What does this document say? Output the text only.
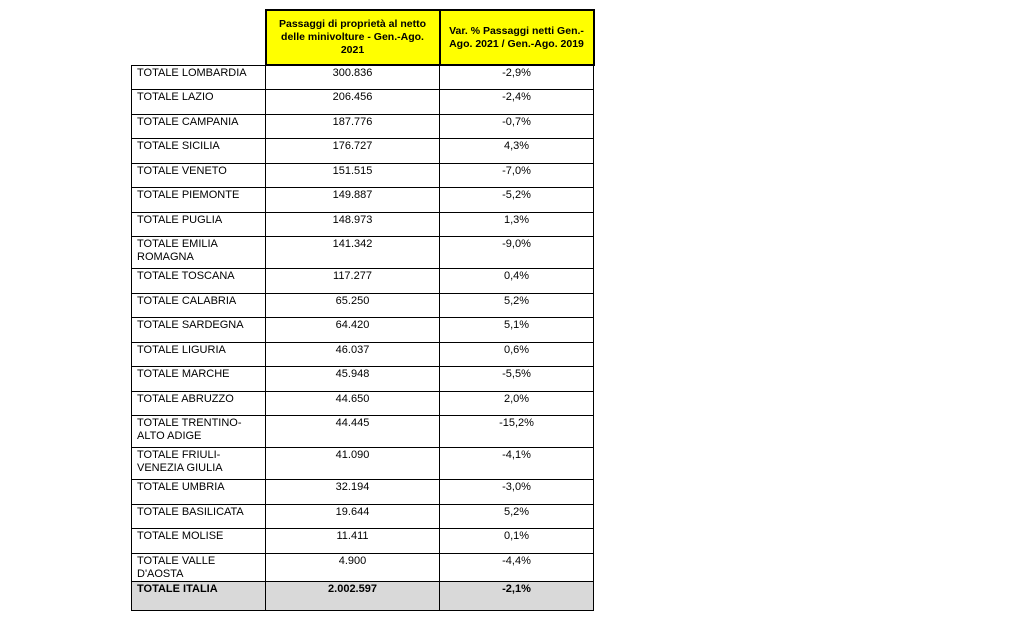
	Passaggi di proprietà al netto delle minivolture - Gen.-Ago. 2021	Var. % Passaggi netti Gen.-Ago. 2021 / Gen.-Ago. 2019
TOTALE LOMBARDIA	300.836	-2,9%
TOTALE LAZIO	206.456	-2,4%
TOTALE CAMPANIA	187.776	-0,7%
TOTALE SICILIA	176.727	4,3%
TOTALE VENETO	151.515	-7,0%
TOTALE PIEMONTE	149.887	-5,2%
TOTALE PUGLIA	148.973	1,3%
TOTALE EMILIA ROMAGNA	141.342	-9,0%
TOTALE TOSCANA	117.277	0,4%
TOTALE CALABRIA	65.250	5,2%
TOTALE SARDEGNA	64.420	5,1%
TOTALE LIGURIA	46.037	0,6%
TOTALE MARCHE	45.948	-5,5%
TOTALE ABRUZZO	44.650	2,0%
TOTALE TRENTINO-ALTO ADIGE	44.445	-15,2%
TOTALE FRIULI-VENEZIA GIULIA	41.090	-4,1%
TOTALE UMBRIA	32.194	-3,0%
TOTALE BASILICATA	19.644	5,2%
TOTALE MOLISE	11.411	0,1%
TOTALE VALLE D'AOSTA	4.900	-4,4%
TOTALE ITALIA	2.002.597	-2,1%
